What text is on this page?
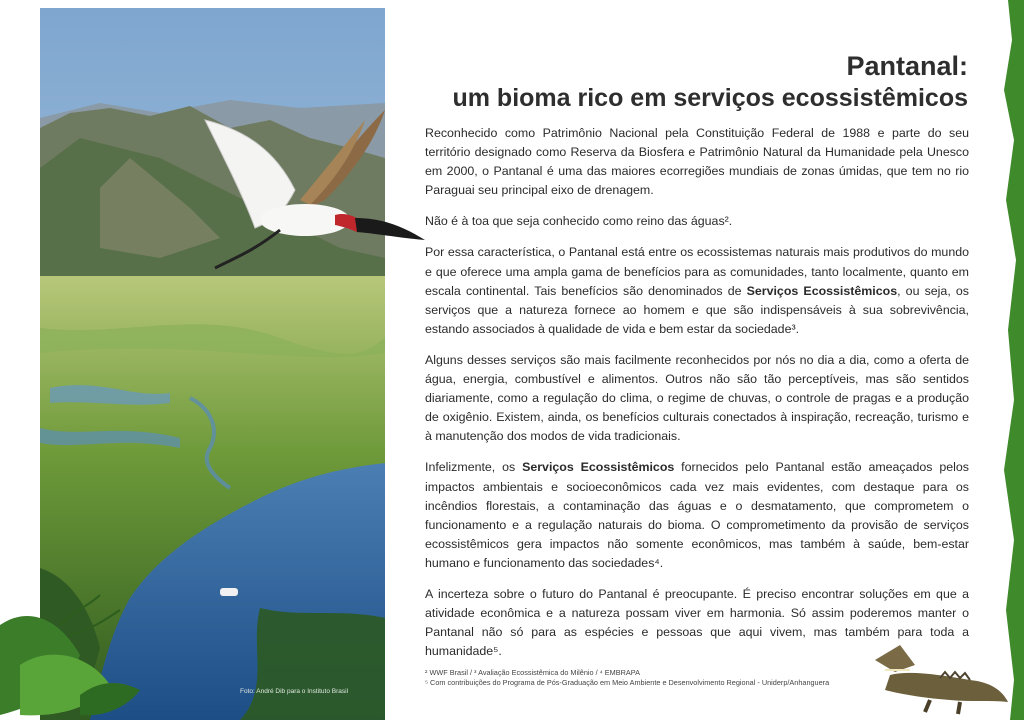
Pantanal:

um bioma rico em serviços ecossistêmicos

Reconhecido como Patrimônio Nacional pela Constituição Federal de 1988 e parte do seu território designado como Reserva da Biosfera e Patrimônio Natural da Humanidade pela Unesco em 2000, o Pantanal é uma das maiores ecorregiões mundiais de zonas úmidas, que tem no rio Paraguai seu principal eixo de drenagem.

Não é à toa que seja conhecido como reino das águas².

Por essa característica, o Pantanal está entre os ecossistemas naturais mais produtivos do mundo e que oferece uma ampla gama de benefícios para as comunidades, tanto localmente, quanto em escala continental. Tais benefícios são denominados de Serviços Ecossistêmicos, ou seja, os serviços que a natureza fornece ao homem e que são indispensáveis à sua sobrevivência, estando associados à qualidade de vida e bem estar da sociedade³.

Alguns desses serviços são mais facilmente reconhecidos por nós no dia a dia, como a oferta de água, energia, combustível e alimentos. Outros não são tão perceptíveis, mas são sentidos diariamente, como a regulação do clima, o regime de chuvas, o controle de pragas e a produção de oxigênio. Existem, ainda, os benefícios culturais conectados à inspiração, recreação, turismo e à manutenção dos modos de vida tradicionais.

Infelizmente, os Serviços Ecossistêmicos fornecidos pelo Pantanal estão ameaçados pelos impactos ambientais e socioeconômicos cada vez mais evidentes, com destaque para os incêndios florestais, a contaminação das águas e o desmatamento, que comprometem o funcionamento e a regulação naturais do bioma. O comprometimento da provisão de serviços ecossistêmicos gera impactos não somente econômicos, mas também à saúde, bem-estar humano e funcionamento das sociedades⁴.

A incerteza sobre o futuro do Pantanal é preocupante. É preciso encontrar soluções em que a atividade econômica e a natureza possam viver em harmonia. Só assim poderemos manter o Pantanal não só para as espécies e pessoas que aqui vivem, mas também para toda a humanidade⁵.

² WWF Brasil / ³ Avaliação Ecossistêmica do Milênio / ⁴ EMBRAPA
⁵ Com contribuições do Programa de Pós-Graduação em Meio Ambiente e Desenvolvimento Regional - Uniderp/Anhanguera
Foto: André Dib para o Instituto Brasil
